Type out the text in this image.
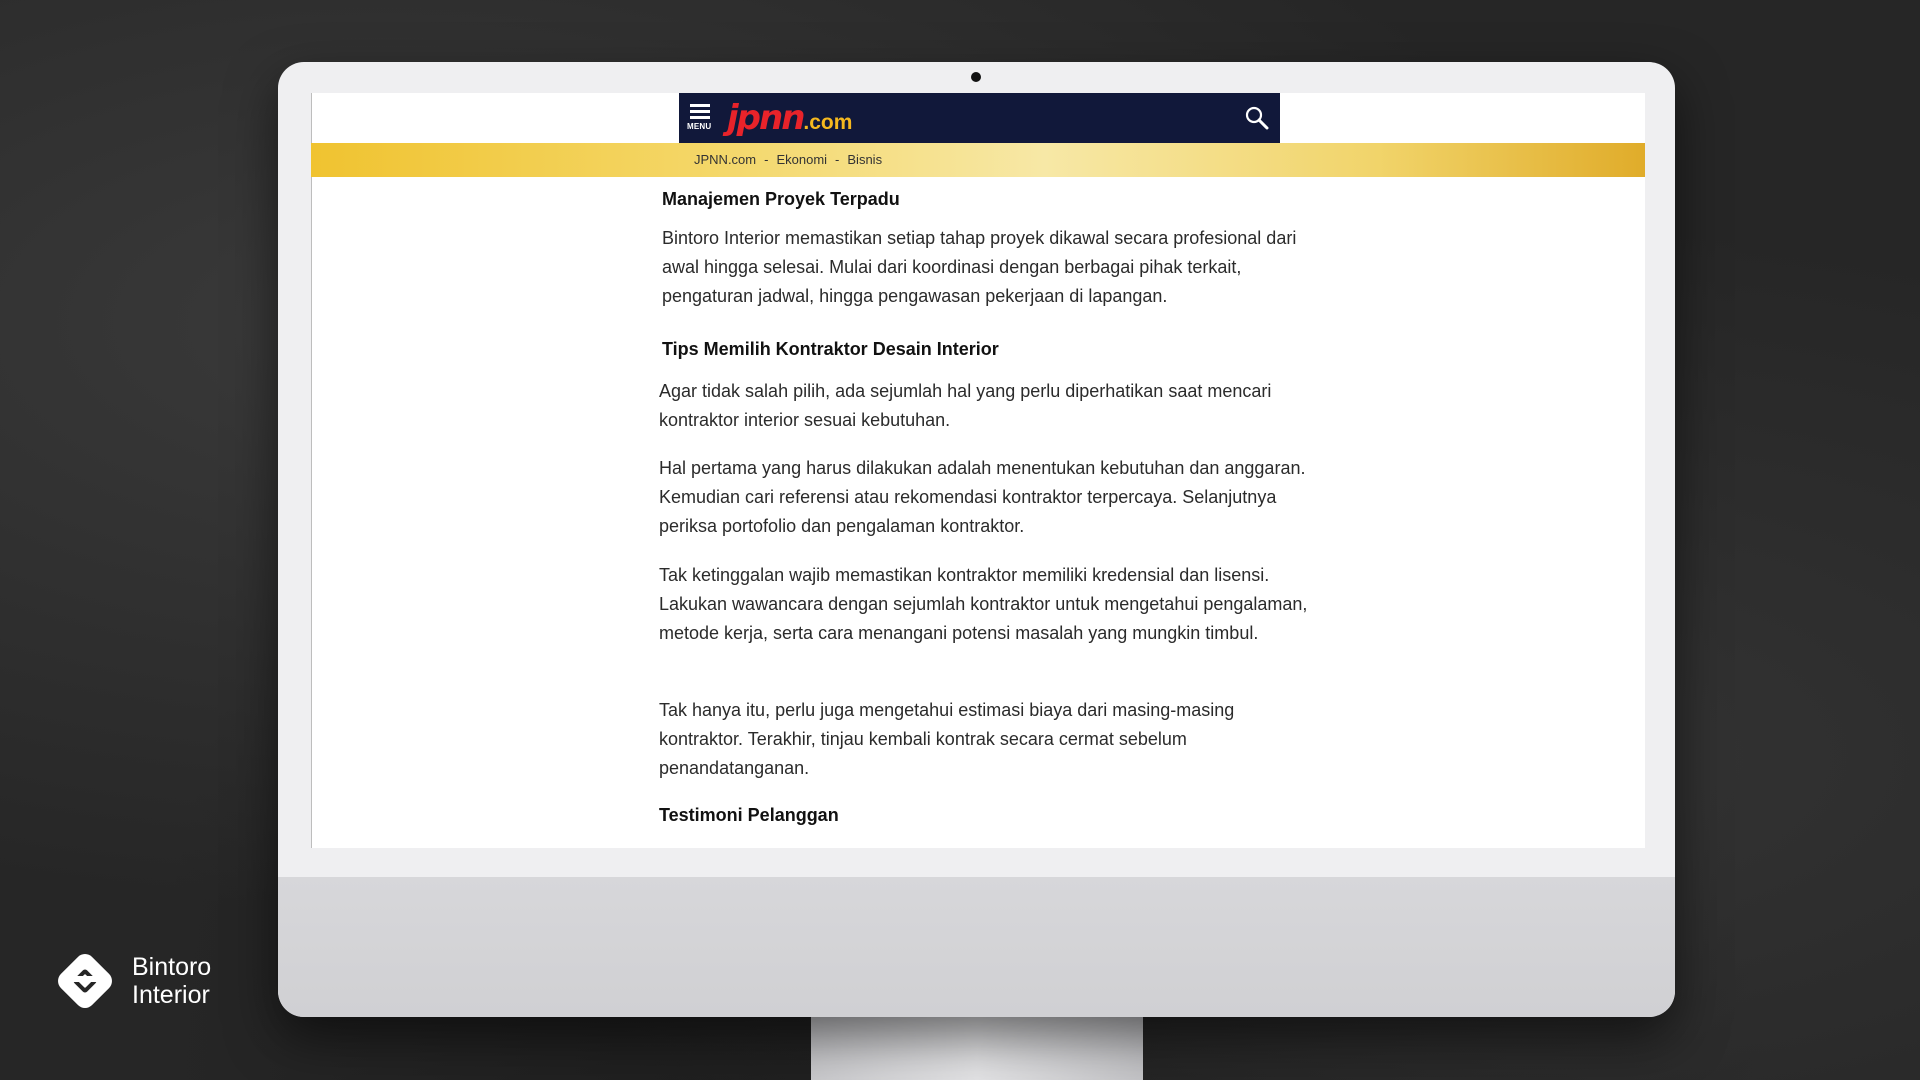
MENU jpnn .com
JPNN.com - Ekonomi - Bisnis
Manajemen Proyek Terpadu

Bintoro Interior memastikan setiap tahap proyek dikawal secara profesional dari awal hingga selesai. Mulai dari koordinasi dengan berbagai pihak terkait, pengaturan jadwal, hingga pengawasan pekerjaan di lapangan.

Tips Memilih Kontraktor Desain Interior

Agar tidak salah pilih, ada sejumlah hal yang perlu diperhatikan saat mencari kontraktor interior sesuai kebutuhan.

Hal pertama yang harus dilakukan adalah menentukan kebutuhan dan anggaran. Kemudian cari referensi atau rekomendasi kontraktor terpercaya. Selanjutnya periksa portofolio dan pengalaman kontraktor.

Tak ketinggalan wajib memastikan kontraktor memiliki kredensial dan lisensi. Lakukan wawancara dengan sejumlah kontraktor untuk mengetahui pengalaman, metode kerja, serta cara menangani potensi masalah yang mungkin timbul.

Tak hanya itu, perlu juga mengetahui estimasi biaya dari masing-masing kontraktor. Terakhir, tinjau kembali kontrak secara cermat sebelum penandatanganan.

Testimoni Pelanggan
Bintoro
Interior
